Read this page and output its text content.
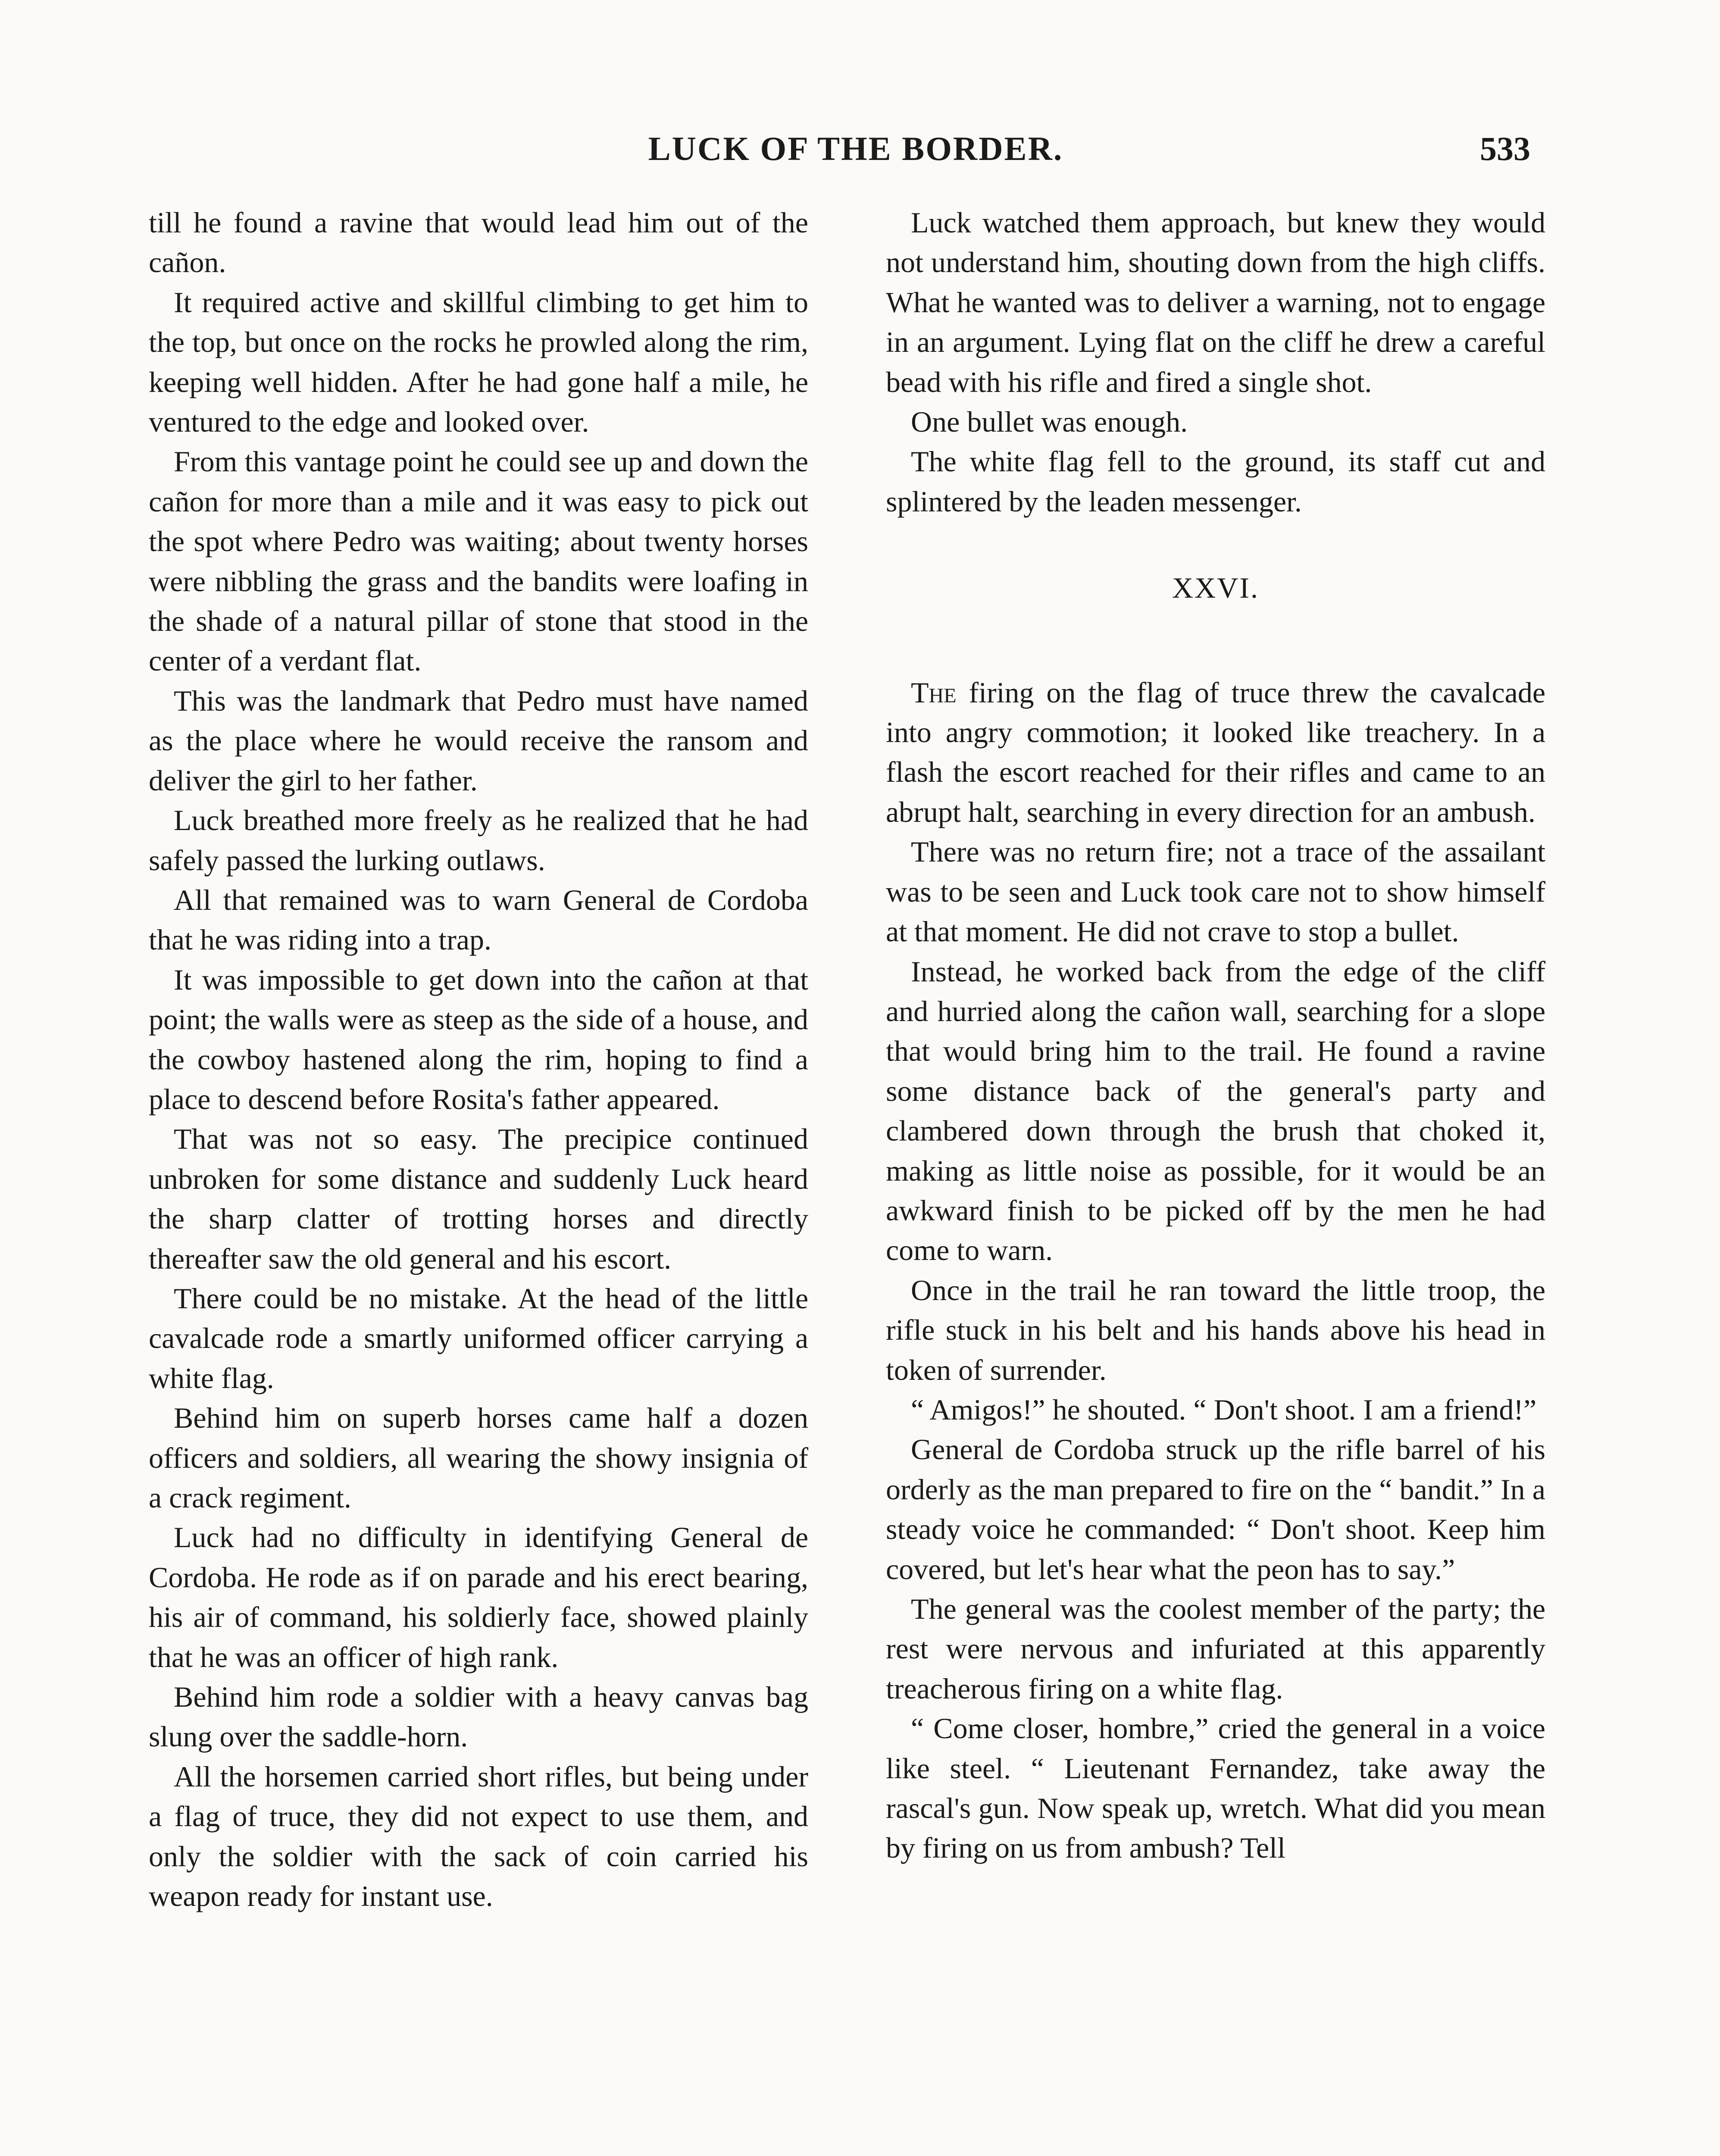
LUCK OF THE BORDER.	533

till he found a ravine that would lead him out of the cañon.

It required active and skillful climbing to get him to the top, but once on the rocks he prowled along the rim, keeping well hidden. After he had gone half a mile, he ventured to the edge and looked over.

From this vantage point he could see up and down the cañon for more than a mile and it was easy to pick out the spot where Pedro was waiting; about twenty horses were nibbling the grass and the bandits were loafing in the shade of a natural pillar of stone that stood in the center of a verdant flat.

This was the landmark that Pedro must have named as the place where he would receive the ransom and deliver the girl to her father.

Luck breathed more freely as he realized that he had safely passed the lurking outlaws.

All that remained was to warn General de Cordoba that he was riding into a trap.

It was impossible to get down into the cañon at that point; the walls were as steep as the side of a house, and the cowboy hastened along the rim, hoping to find a place to descend before Rosita's father appeared.

That was not so easy. The precipice continued unbroken for some distance and suddenly Luck heard the sharp clatter of trotting horses and directly thereafter saw the old general and his escort.

There could be no mistake. At the head of the little cavalcade rode a smartly uniformed officer carrying a white flag.

Behind him on superb horses came half a dozen officers and soldiers, all wearing the showy insignia of a crack regiment.

Luck had no difficulty in identifying General de Cordoba. He rode as if on parade and his erect bearing, his air of command, his soldierly face, showed plainly that he was an officer of high rank.

Behind him rode a soldier with a heavy canvas bag slung over the saddle-horn.

All the horsemen carried short rifles, but being under a flag of truce, they did not expect to use them, and only the soldier with the sack of coin carried his weapon ready for instant use.

Luck watched them approach, but knew they would not understand him, shouting down from the high cliffs. What he wanted was to deliver a warning, not to engage in an argument. Lying flat on the cliff he drew a careful bead with his rifle and fired a single shot.

One bullet was enough.

The white flag fell to the ground, its staff cut and splintered by the leaden messenger.

XXVI.

The firing on the flag of truce threw the cavalcade into angry commotion; it looked like treachery. In a flash the escort reached for their rifles and came to an abrupt halt, searching in every direction for an ambush.

There was no return fire; not a trace of the assailant was to be seen and Luck took care not to show himself at that moment. He did not crave to stop a bullet.

Instead, he worked back from the edge of the cliff and hurried along the cañon wall, searching for a slope that would bring him to the trail. He found a ravine some distance back of the general's party and clambered down through the brush that choked it, making as little noise as possible, for it would be an awkward finish to be picked off by the men he had come to warn.

Once in the trail he ran toward the little troop, the rifle stuck in his belt and his hands above his head in token of surrender.

“ Amigos!” he shouted. “ Don't shoot. I am a friend!”

General de Cordoba struck up the rifle barrel of his orderly as the man prepared to fire on the “ bandit.” In a steady voice he commanded: “ Don't shoot. Keep him covered, but let's hear what the peon has to say.”

The general was the coolest member of the party; the rest were nervous and infuriated at this apparently treacherous firing on a white flag.

“ Come closer, hombre,” cried the general in a voice like steel. “ Lieutenant Fernandez, take away the rascal's gun. Now speak up, wretch. What did you mean by firing on us from ambush? Tell
